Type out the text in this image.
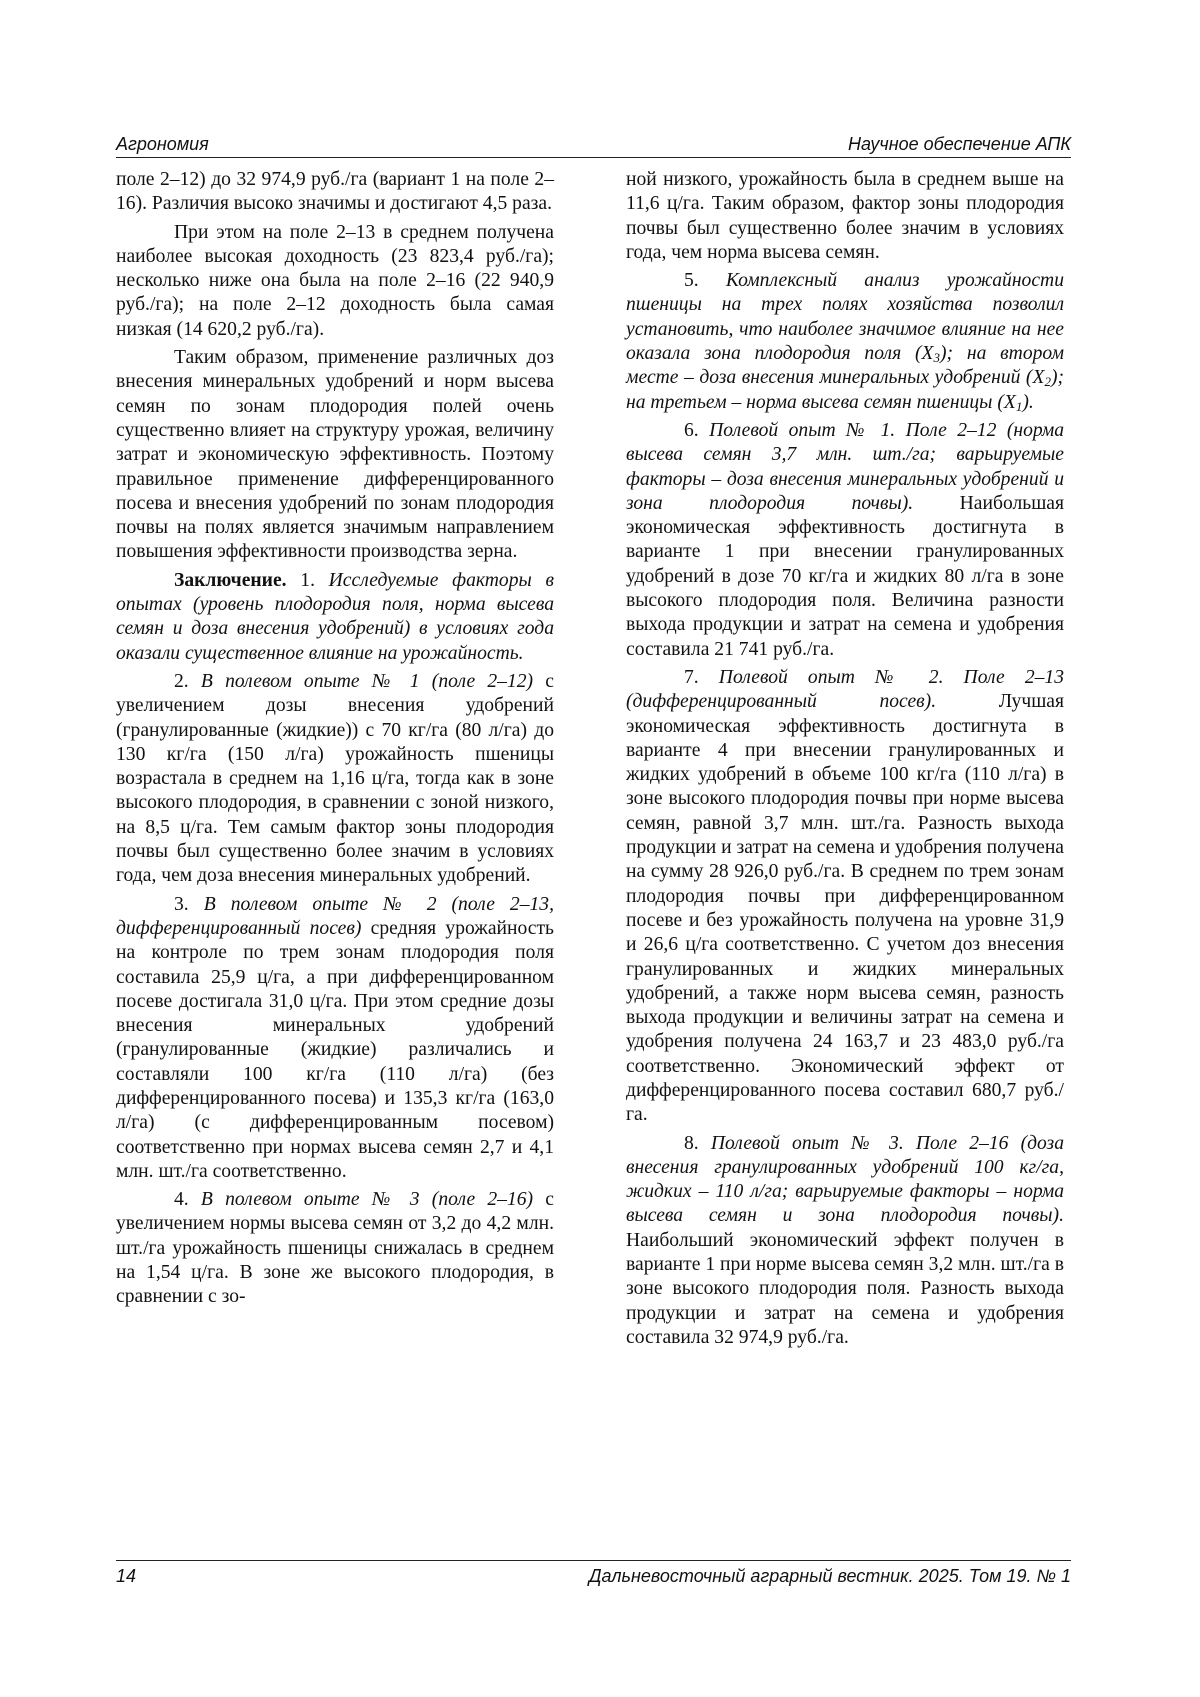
Агрономия	Научное обеспечение АПК

поле 2–12) до 32 974,9 руб./га (вариант 1 на поле 2–16). Различия высоко значимы и достигают 4,5 раза.

При этом на поле 2–13 в среднем получена наиболее высокая доходность (23 823,4 руб./га); несколько ниже она была на поле 2–16 (22 940,9 руб./га); на поле 2–12 доходность была самая низкая (14 620,2 руб./га).

Таким образом, применение различных доз внесения минеральных удобрений и норм высева семян по зонам плодородия полей очень существенно влияет на структуру урожая, величину затрат и экономическую эффективность. Поэтому правильное применение дифференцированного посева и внесения удобрений по зонам плодородия почвы на полях является значимым направлением повышения эффективности производства зерна.

Заключение. 1. Исследуемые факторы в опытах (уровень плодородия поля, норма высева семян и доза внесения удобрений) в условиях года оказали существенное влияние на урожайность.

2. В полевом опыте № 1 (поле 2–12) с увеличением дозы внесения удобрений (гранулированные (жидкие)) с 70 кг/га (80 л/га) до 130 кг/га (150 л/га) урожайность пшеницы возрастала в среднем на 1,16 ц/га, тогда как в зоне высокого плодородия, в сравнении с зоной низкого, на 8,5 ц/га. Тем самым фактор зоны плодородия почвы был существенно более значим в условиях года, чем доза внесения минеральных удобрений.

3. В полевом опыте № 2 (поле 2–13, дифференцированный посев) средняя урожайность на контроле по трем зонам плодородия поля составила 25,9 ц/га, а при дифференцированном посеве достигала 31,0 ц/га. При этом средние дозы внесения минеральных удобрений (гранулированные (жидкие) различались и составляли 100 кг/га (110 л/га) (без дифференцированного посева) и 135,3 кг/га (163,0 л/га) (с дифференцированным посевом) соответственно при нормах высева семян 2,7 и 4,1 млн. шт./га соответственно.

4. В полевом опыте № 3 (поле 2–16) с увеличением нормы высева семян от 3,2 до 4,2 млн. шт./га урожайность пшеницы снижалась в среднем на 1,54 ц/га. В зоне же высокого плодородия, в сравнении с зо-

ной низкого, урожайность была в среднем выше на 11,6 ц/га. Таким образом, фактор зоны плодородия почвы был существенно более значим в условиях года, чем норма высева семян.

5. Комплексный анализ урожайности пшеницы на трех полях хозяйства позволил установить, что наиболее значимое влияние на нее оказала зона плодородия поля $(X_3)$; на втором месте – доза внесения минеральных удобрений $(X_2)$; на третьем – норма высева семян пшеницы $(X_1)$.

6. Полевой опыт № 1. Поле 2–12 (норма высева семян 3,7 млн. шт./га; варьируемые факторы – доза внесения минеральных удобрений и зона плодородия почвы). Наибольшая экономическая эффективность достигнута в варианте 1 при внесении гранулированных удобрений в дозе 70 кг/га и жидких 80 л/га в зоне высокого плодородия поля. Величина разности выхода продукции и затрат на семена и удобрения составила 21 741 руб./га.

7. Полевой опыт № 2. Поле 2–13 (дифференцированный посев). Лучшая экономическая эффективность достигнута в варианте 4 при внесении гранулированных и жидких удобрений в объеме 100 кг/га (110 л/га) в зоне высокого плодородия почвы при норме высева семян, равной 3,7 млн. шт./га. Разность выхода продукции и затрат на семена и удобрения получена на сумму 28 926,0 руб./га. В среднем по трем зонам плодородия почвы при дифференцированном посеве и без урожайность получена на уровне 31,9 и 26,6 ц/га соответственно. С учетом доз внесения гранулированных и жидких минеральных удобрений, а также норм высева семян, разность выхода продукции и величины затрат на семена и удобрения получена 24 163,7 и 23 483,0 руб./га соответственно. Экономический эффект от дифференцированного посева составил 680,7 руб./га.

8. Полевой опыт № 3. Поле 2–16 (доза внесения гранулированных удобрений 100 кг/га, жидких – 110 л/га; варьируемые факторы – норма высева семян и зона плодородия почвы). Наибольший экономический эффект получен в варианте 1 при норме высева семян 3,2 млн. шт./га в зоне высокого плодородия поля. Разность выхода продукции и затрат на семена и удобрения составила 32 974,9 руб./га.

14	Дальневосточный аграрный вестник. 2025. Том 19. № 1
